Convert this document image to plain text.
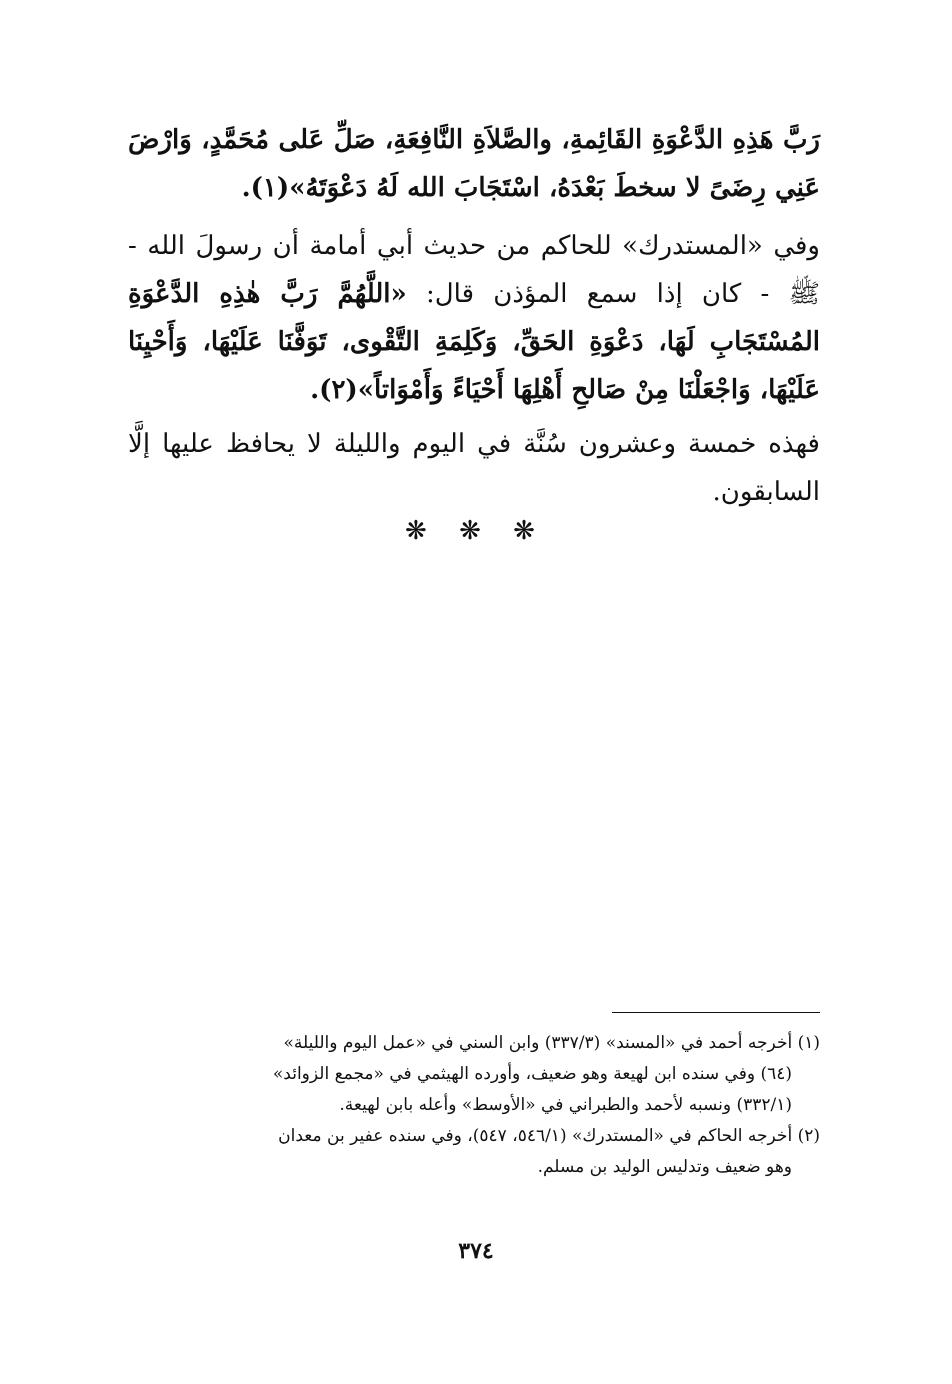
رَبَّ هَذِهِ الدَّعْوَةِ القَائِمةِ، والصَّلاَةِ النَّافِعَةِ، صَلِّ عَلى مُحَمَّدٍ، وَارْضَ عَنِي رِضَىً لا سخطَ بَعْدَهُ، اسْتَجَابَ الله لَهُ دَعْوَتَهُ»(١).

وفي «المستدرك» للحاكم من حديث أبي أمامة أن رسولَ الله - ﷺ - كان إذا سمع المؤذن قال: «اللَّهُمَّ رَبَّ هٰذِهِ الدَّعْوَةِ المُسْتَجَابِ لَهَا، دَعْوَةِ الحَقِّ، وَكَلِمَةِ التَّقْوى، تَوَفَّنَا عَلَيْهَا، وَأَحْيِنَا عَلَيْهَا، وَاجْعَلْنَا مِنْ صَالحِ أَهْلِهَا أَحْيَاءً وَأَمْوَاتاً»(٢).

فهذه خمسة وعشرون سُنَّة في اليوم والليلة لا يحافظ عليها إلَّا السابقون.

❋ ❋ ❋

(١) أخرجه أحمد في «المسند» (٣٣٧/٣) وابن السني في «عمل اليوم والليلة»

(٦٤) وفي سنده ابن لهيعة وهو ضعيف، وأورده الهيثمي في «مجمع الزوائد»

(٣٣٢/١) ونسبه لأحمد والطبراني في «الأوسط» وأعله بابن لهيعة.

(٢) أخرجه الحاكم في «المستدرك» (٥٤٦/١، ٥٤٧)، وفي سنده عفير بن معدان

وهو ضعيف وتدليس الوليد بن مسلم.

٣٧٤
